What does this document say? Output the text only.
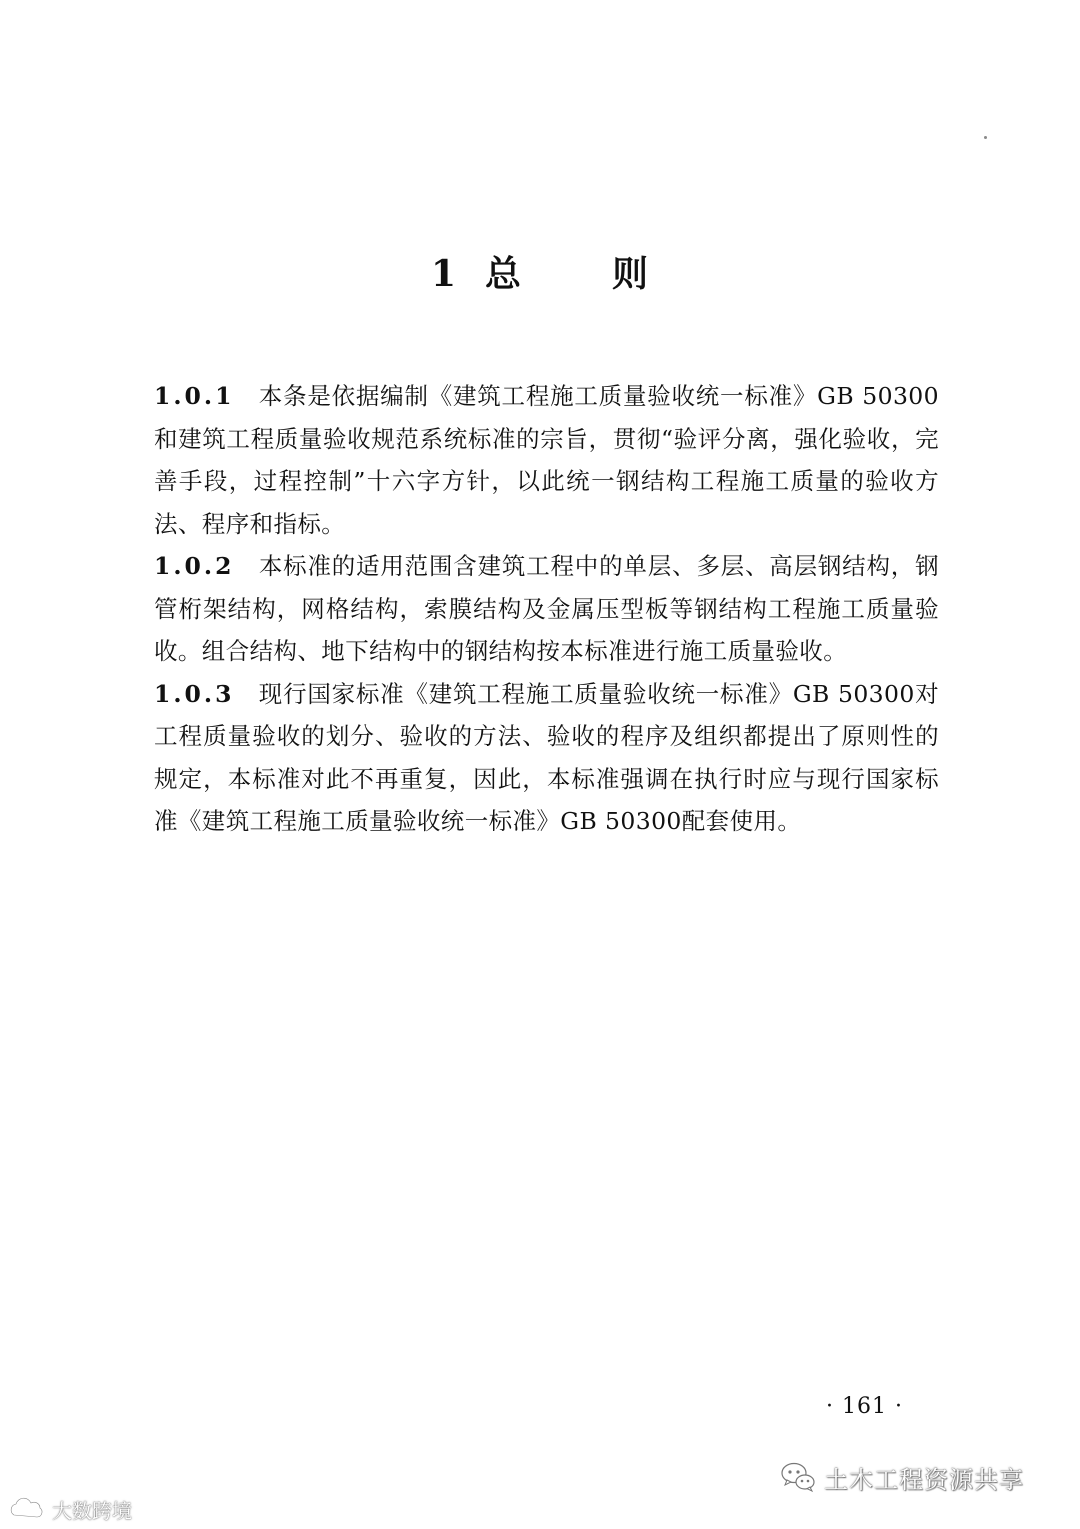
1 总	则

1.0.1 本条是依据编制《建筑工程施工质量验收统一标准》GB 50300和建筑工程质量验收规范系统标准的宗旨，贯彻“验评分离，强化验收，完善手段，过程控制”十六字方针，以此统一钢结构工程施工质量的验收方法、程序和指标。

1.0.2 本标准的适用范围含建筑工程中的单层、多层、高层钢结构，钢管桁架结构，网格结构，索膜结构及金属压型板等钢结构工程施工质量验收。组合结构、地下结构中的钢结构按本标准进行施工质量验收。

1.0.3 现行国家标准《建筑工程施工质量验收统一标准》GB 50300对工程质量验收的划分、验收的方法、验收的程序及组织都提出了原则性的规定，本标准对此不再重复，因此，本标准强调在执行时应与现行国家标准《建筑工程施工质量验收统一标准》GB 50300配套使用。

· 161 ·
大数跨境
土木工程资源共享
